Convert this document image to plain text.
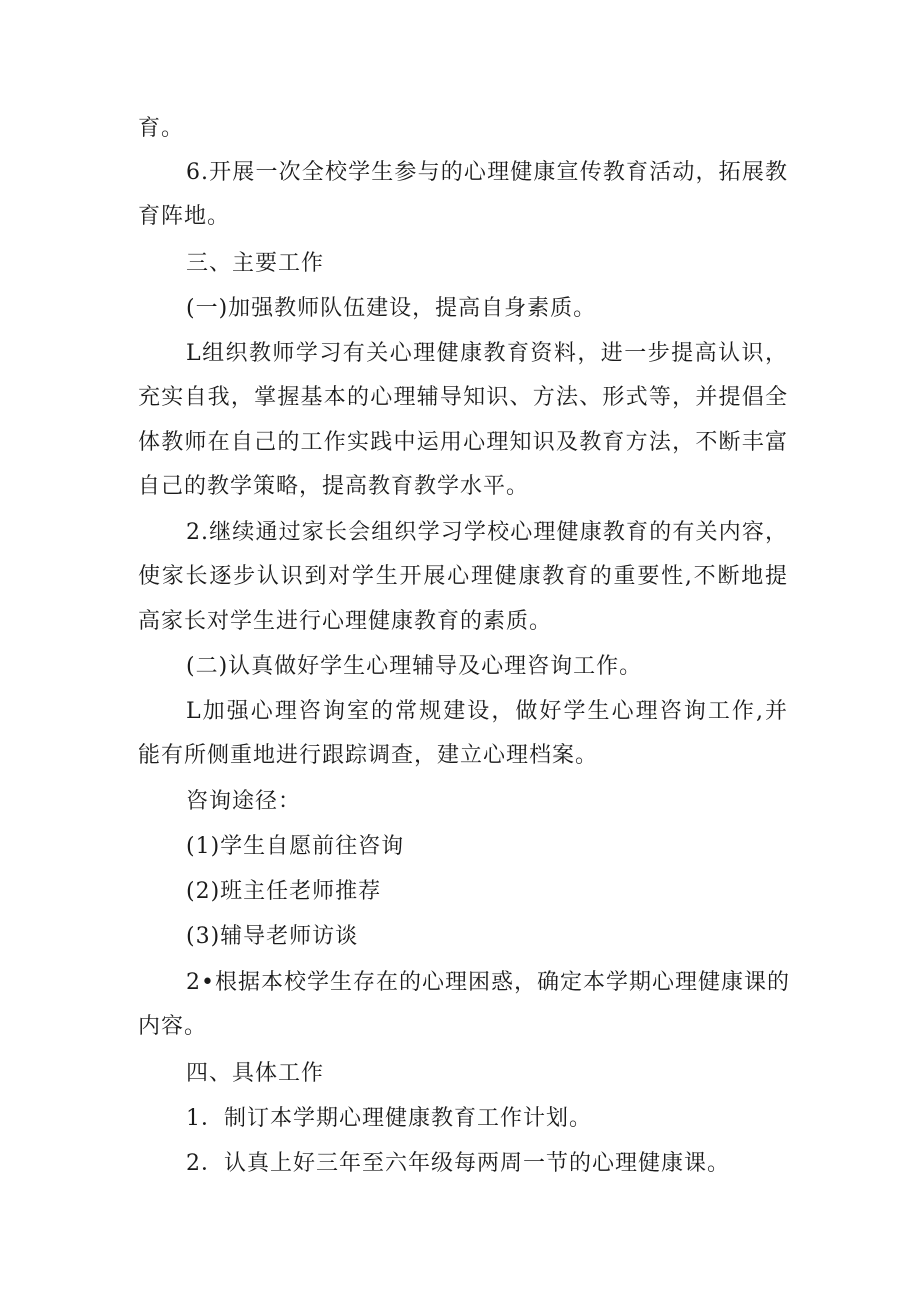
育。
6.开展一次全校学生参与的心理健康宣传教育活动，拓展教
育阵地。
三、主要工作
(一)加强教师队伍建设，提高自身素质。
L组织教师学习有关心理健康教育资料，进一步提高认识，
充实自我，掌握基本的心理辅导知识、方法、形式等，并提倡全
体教师在自己的工作实践中运用心理知识及教育方法，不断丰富
自己的教学策略，提高教育教学水平。
2.继续通过家长会组织学习学校心理健康教育的有关内容，
使家长逐步认识到对学生开展心理健康教育的重要性,不断地提
高家长对学生进行心理健康教育的素质。
(二)认真做好学生心理辅导及心理咨询工作。
L加强心理咨询室的常规建设，做好学生心理咨询工作,并
能有所侧重地进行跟踪调查，建立心理档案。
咨询途径：
(1)学生自愿前往咨询
(2)班主任老师推荐
(3)辅导老师访谈
2•根据本校学生存在的心理困惑，确定本学期心理健康课的
内容。
四、具体工作
1．制订本学期心理健康教育工作计划。
2．认真上好三年至六年级每两周一节的心理健康课。
